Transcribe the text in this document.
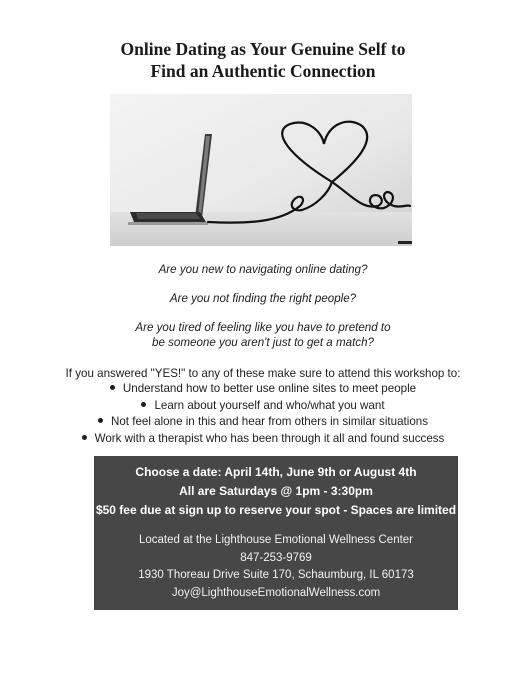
Online Dating as Your Genuine Self to
Find an Authentic Connection
Are you new to navigating online dating?
Are you not finding the right people?
Are you tired of feeling like you have to pretend to
be someone you aren't just to get a match?
If you answered "YES!" to any of these make sure to attend this workshop to:
Understand how to better use online sites to meet people
Learn about yourself and who/what you want
Not feel alone in this and hear from others in similar situations
Work with a therapist who has been through it all and found success
Choose a date: April 14th, June 9th or August 4th
All are Saturdays @ 1pm - 3:30pm
$50 fee due at sign up to reserve your spot - Spaces are limited
Located at the Lighthouse Emotional Wellness Center
847-253-9769
1930 Thoreau Drive Suite 170, Schaumburg, IL 60173
Joy@LighthouseEmotionalWellness.com
